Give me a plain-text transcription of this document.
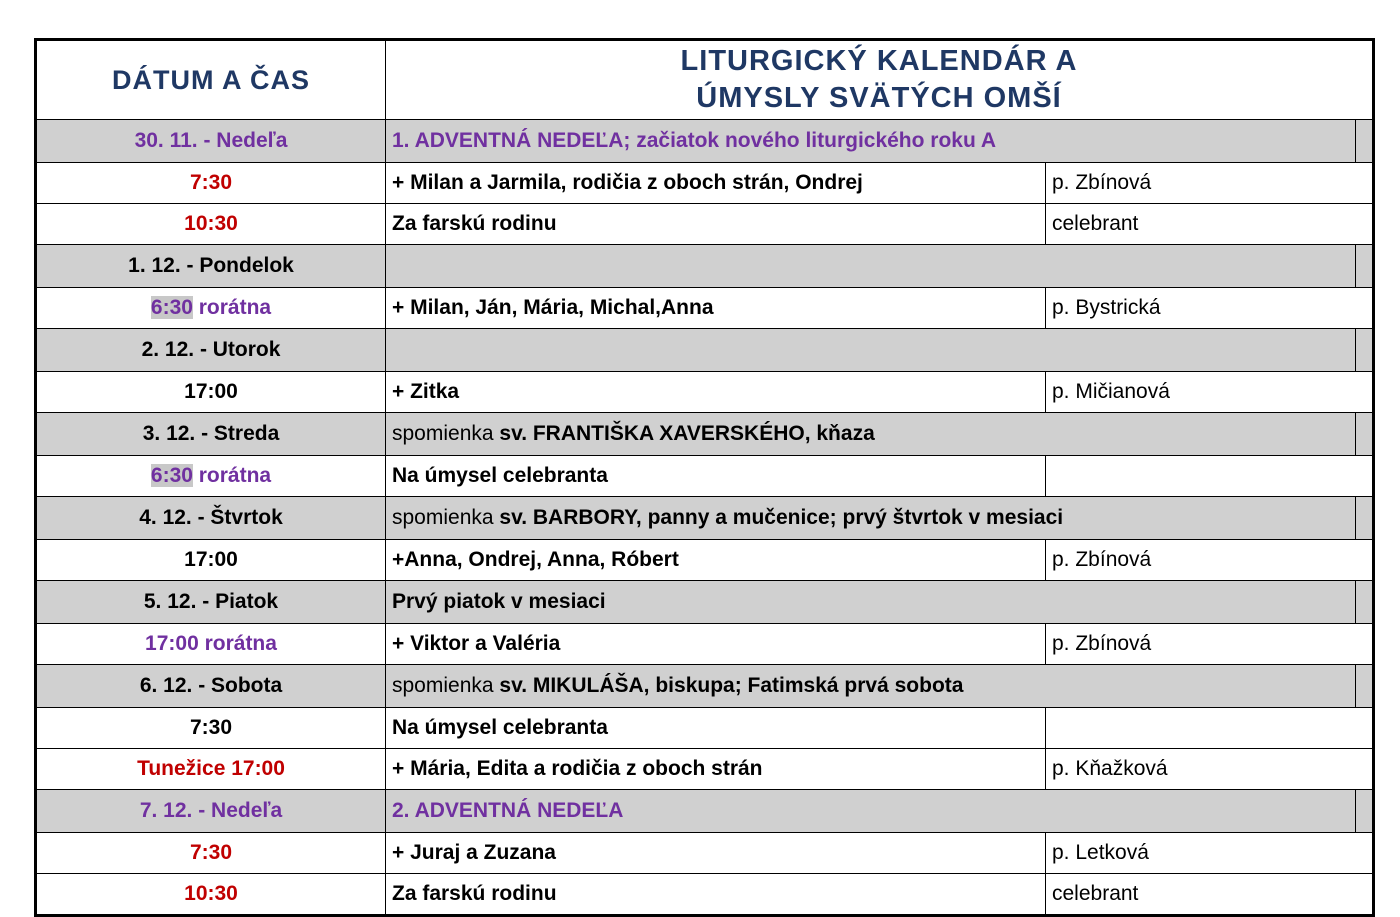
DÁTUM A ČAS	LITURGICKÝ KALENDÁR A
ÚMYSLY SVÄTÝCH OMŠÍ		

30. 11. - Nedeľa	1. ADVENTNÁ NEDEĽA; začiatok nového liturgického roku A		
7:30	+ Milan a Jarmila, rodičia z oboch strán, Ondrej	p. Zbínová	
10:30	Za farskú rodinu	celebrant	
1. 12. - Pondelok			
6:30 rorátna	+ Milan, Ján, Mária, Michal,Anna	p. Bystrická	
2. 12. - Utorok			
17:00	+ Zitka	p. Mičianová	
3. 12. - Streda	spomienka sv. FRANTIŠKA XAVERSKÉHO, kňaza		
6:30 rorátna	Na úmysel celebranta		
4. 12. - Štvrtok	spomienka sv. BARBORY, panny a mučenice; prvý štvrtok v mesiaci		
17:00	+Anna, Ondrej, Anna, Róbert	p. Zbínová	
5. 12. - Piatok	Prvý piatok v mesiaci		
17:00 rorátna	+ Viktor a Valéria	p. Zbínová	
6. 12. - Sobota	spomienka sv. MIKULÁŠA, biskupa; Fatimská prvá sobota		
7:30	Na úmysel celebranta		
Tunežice 17:00	+ Mária, Edita a rodičia z oboch strán	p. Kňažková	
7. 12. - Nedeľa	2. ADVENTNÁ NEDEĽA		
7:30	+ Juraj a Zuzana	p. Letková	
10:30	Za farskú rodinu	celebrant	
